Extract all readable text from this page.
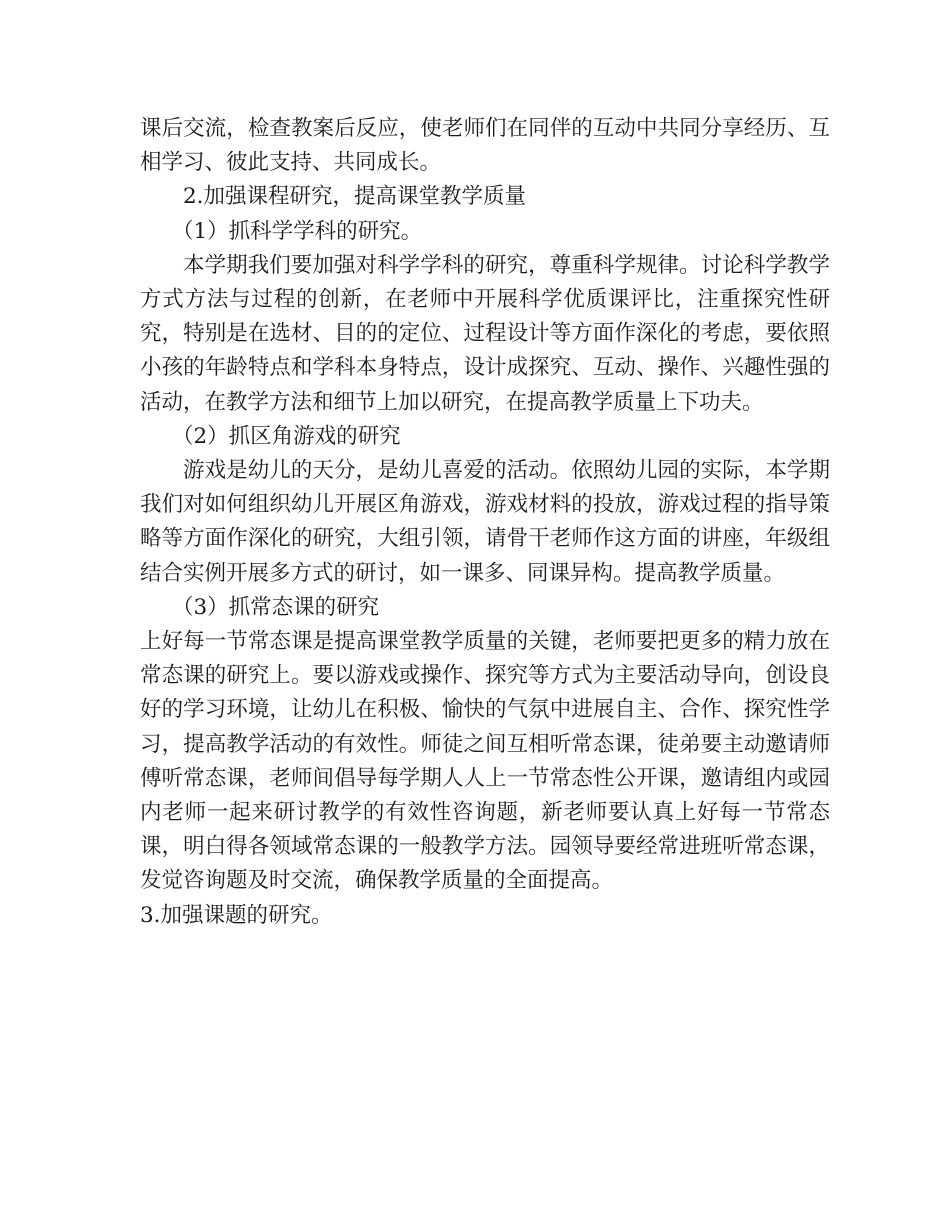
课后交流，检查教案后反应，使老师们在同伴的互动中共同分享经历、互相学习、彼此支持、共同成长。

2.加强课程研究，提高课堂教学质量

（1）抓科学学科的研究。

本学期我们要加强对科学学科的研究，尊重科学规律。讨论科学教学方式方法与过程的创新，在老师中开展科学优质课评比，注重探究性研究，特别是在选材、目的的定位、过程设计等方面作深化的考虑，要依照小孩的年龄特点和学科本身特点，设计成探究、互动、操作、兴趣性强的活动，在教学方法和细节上加以研究，在提高教学质量上下功夫。

（2）抓区角游戏的研究

游戏是幼儿的天分，是幼儿喜爱的活动。依照幼儿园的实际，本学期我们对如何组织幼儿开展区角游戏，游戏材料的投放，游戏过程的指导策略等方面作深化的研究，大组引领，请骨干老师作这方面的讲座，年级组结合实例开展多方式的研讨，如一课多、同课异构。提高教学质量。

（3）抓常态课的研究

上好每一节常态课是提高课堂教学质量的关键，老师要把更多的精力放在常态课的研究上。要以游戏或操作、探究等方式为主要活动导向，创设良好的学习环境，让幼儿在积极、愉快的气氛中进展自主、合作、探究性学习，提高教学活动的有效性。师徒之间互相听常态课，徒弟要主动邀请师傅听常态课，老师间倡导每学期人人上一节常态性公开课，邀请组内或园内老师一起来研讨教学的有效性咨询题，新老师要认真上好每一节常态课，明白得各领域常态课的一般教学方法。园领导要经常进班听常态课，发觉咨询题及时交流，确保教学质量的全面提高。

3.加强课题的研究。
